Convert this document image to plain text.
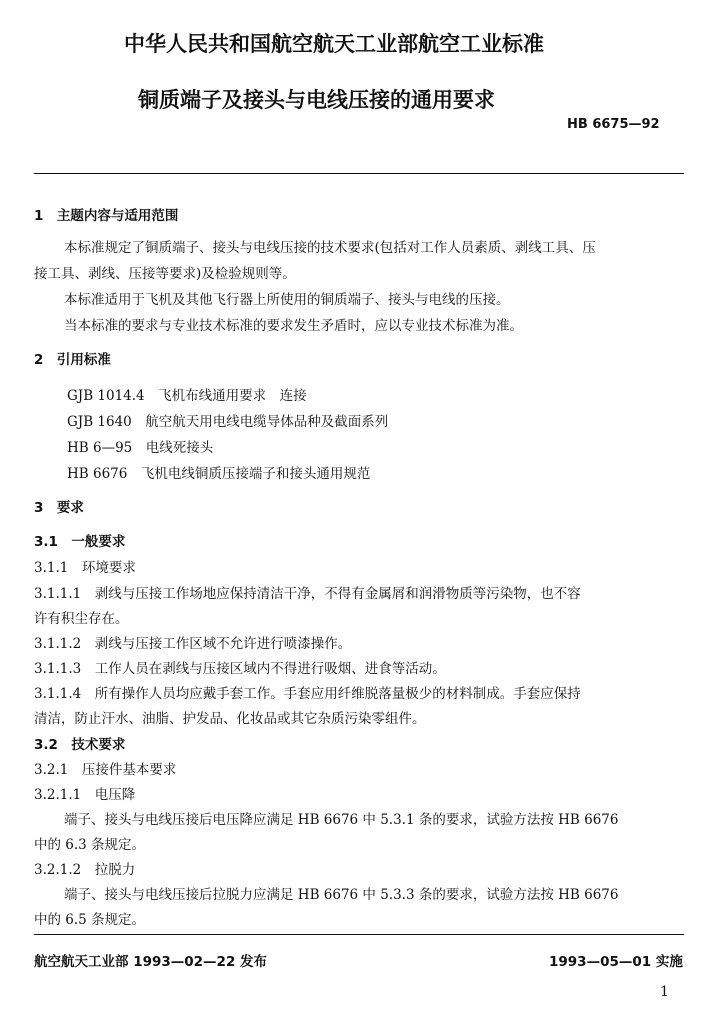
中华人民共和国航空航天工业部航空工业标准
铜质端子及接头与电线压接的通用要求
HB 6675—92
1　主题内容与适用范围
本标准规定了铜质端子、接头与电线压接的技术要求(包括对工作人员素质、剥线工具、压
接工具、剥线、压接等要求)及检验规则等。
本标准适用于飞机及其他飞行器上所使用的铜质端子、接头与电线的压接。
当本标准的要求与专业技术标准的要求发生矛盾时，应以专业技术标准为准。
2　引用标准
GJB 1014.4　飞机布线通用要求　连接
GJB 1640　航空航天用电线电缆导体品种及截面系列
HB 6—95　电线死接头
HB 6676　飞机电线铜质压接端子和接头通用规范
3　要求
3.1　一般要求
3.1.1　环境要求
3.1.1.1　剥线与压接工作场地应保持清洁干净，不得有金属屑和润滑物质等污染物，也不容
许有积尘存在。
3.1.1.2　剥线与压接工作区域不允许进行喷漆操作。
3.1.1.3　工作人员在剥线与压接区域内不得进行吸烟、进食等活动。
3.1.1.4　所有操作人员均应戴手套工作。手套应用纤维脱落量极少的材料制成。手套应保持
清洁，防止汗水、油脂、护发品、化妆品或其它杂质污染零组件。
3.2　技术要求
3.2.1　压接件基本要求
3.2.1.1　电压降
端子、接头与电线压接后电压降应满足 HB 6676 中 5.3.1 条的要求，试验方法按 HB 6676
中的 6.3 条规定。
3.2.1.2　拉脱力
端子、接头与电线压接后拉脱力应满足 HB 6676 中 5.3.3 条的要求，试验方法按 HB 6676
中的 6.5 条规定。
航空航天工业部 1993—02—22 发布	1993—05—01 实施
1
